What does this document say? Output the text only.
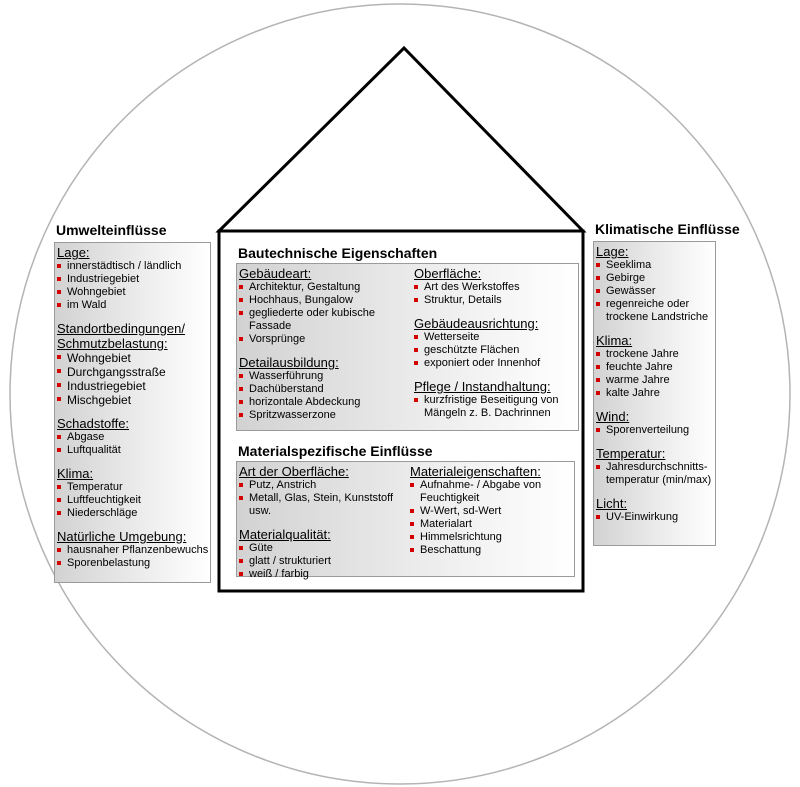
Umwelteinflüsse
Lage:
innerstädtisch / ländlich
Industriegebiet
Wohngebiet
im Wald
Standortbedingungen/ Schmutzbelastung:
Wohngebiet
Durchgangsstraße
Industriegebiet
Mischgebiet
Schadstoffe:
Abgase
Luftqualität
Klima:
Temperatur
Luftfeuchtigkeit
Niederschläge
Natürliche Umgebung:
hausnaher Pflanzenbewuchs
Sporenbelastung
Klimatische Einflüsse
Lage:
Seeklima
Gebirge
Gewässer
regenreiche oder trockene Landstriche
Klima:
trockene Jahre
feuchte Jahre
warme Jahre
kalte Jahre
Wind:
Sporenverteilung
Temperatur:
Jahresdurchschnitts-temperatur (min/max)
Licht:
UV-Einwirkung
Bautechnische Eigenschaften
Gebäudeart:
Architektur, Gestaltung
Hochhaus, Bungalow
gegliederte oder kubische Fassade
Vorsprünge
Detailausbildung:
Wasserführung
Dachüberstand
horizontale Abdeckung
Spritzwasserzone
Oberfläche:
Art des Werkstoffes
Struktur, Details
Gebäudeausrichtung:
Wetterseite
geschützte Flächen
exponiert oder Innenhof
Pflege / Instandhaltung:
kurzfristige Beseitigung von Mängeln z. B. Dachrinnen
Materialspezifische Einflüsse
Art der Oberfläche:
Putz, Anstrich
Metall, Glas, Stein, Kunststoff usw.
Materialqualität:
Güte
glatt / strukturiert
weiß / farbig
Materialeigenschaften:
Aufnahme- / Abgabe von Feuchtigkeit
W-Wert, sd-Wert
Materialart
Himmelsrichtung
Beschattung
